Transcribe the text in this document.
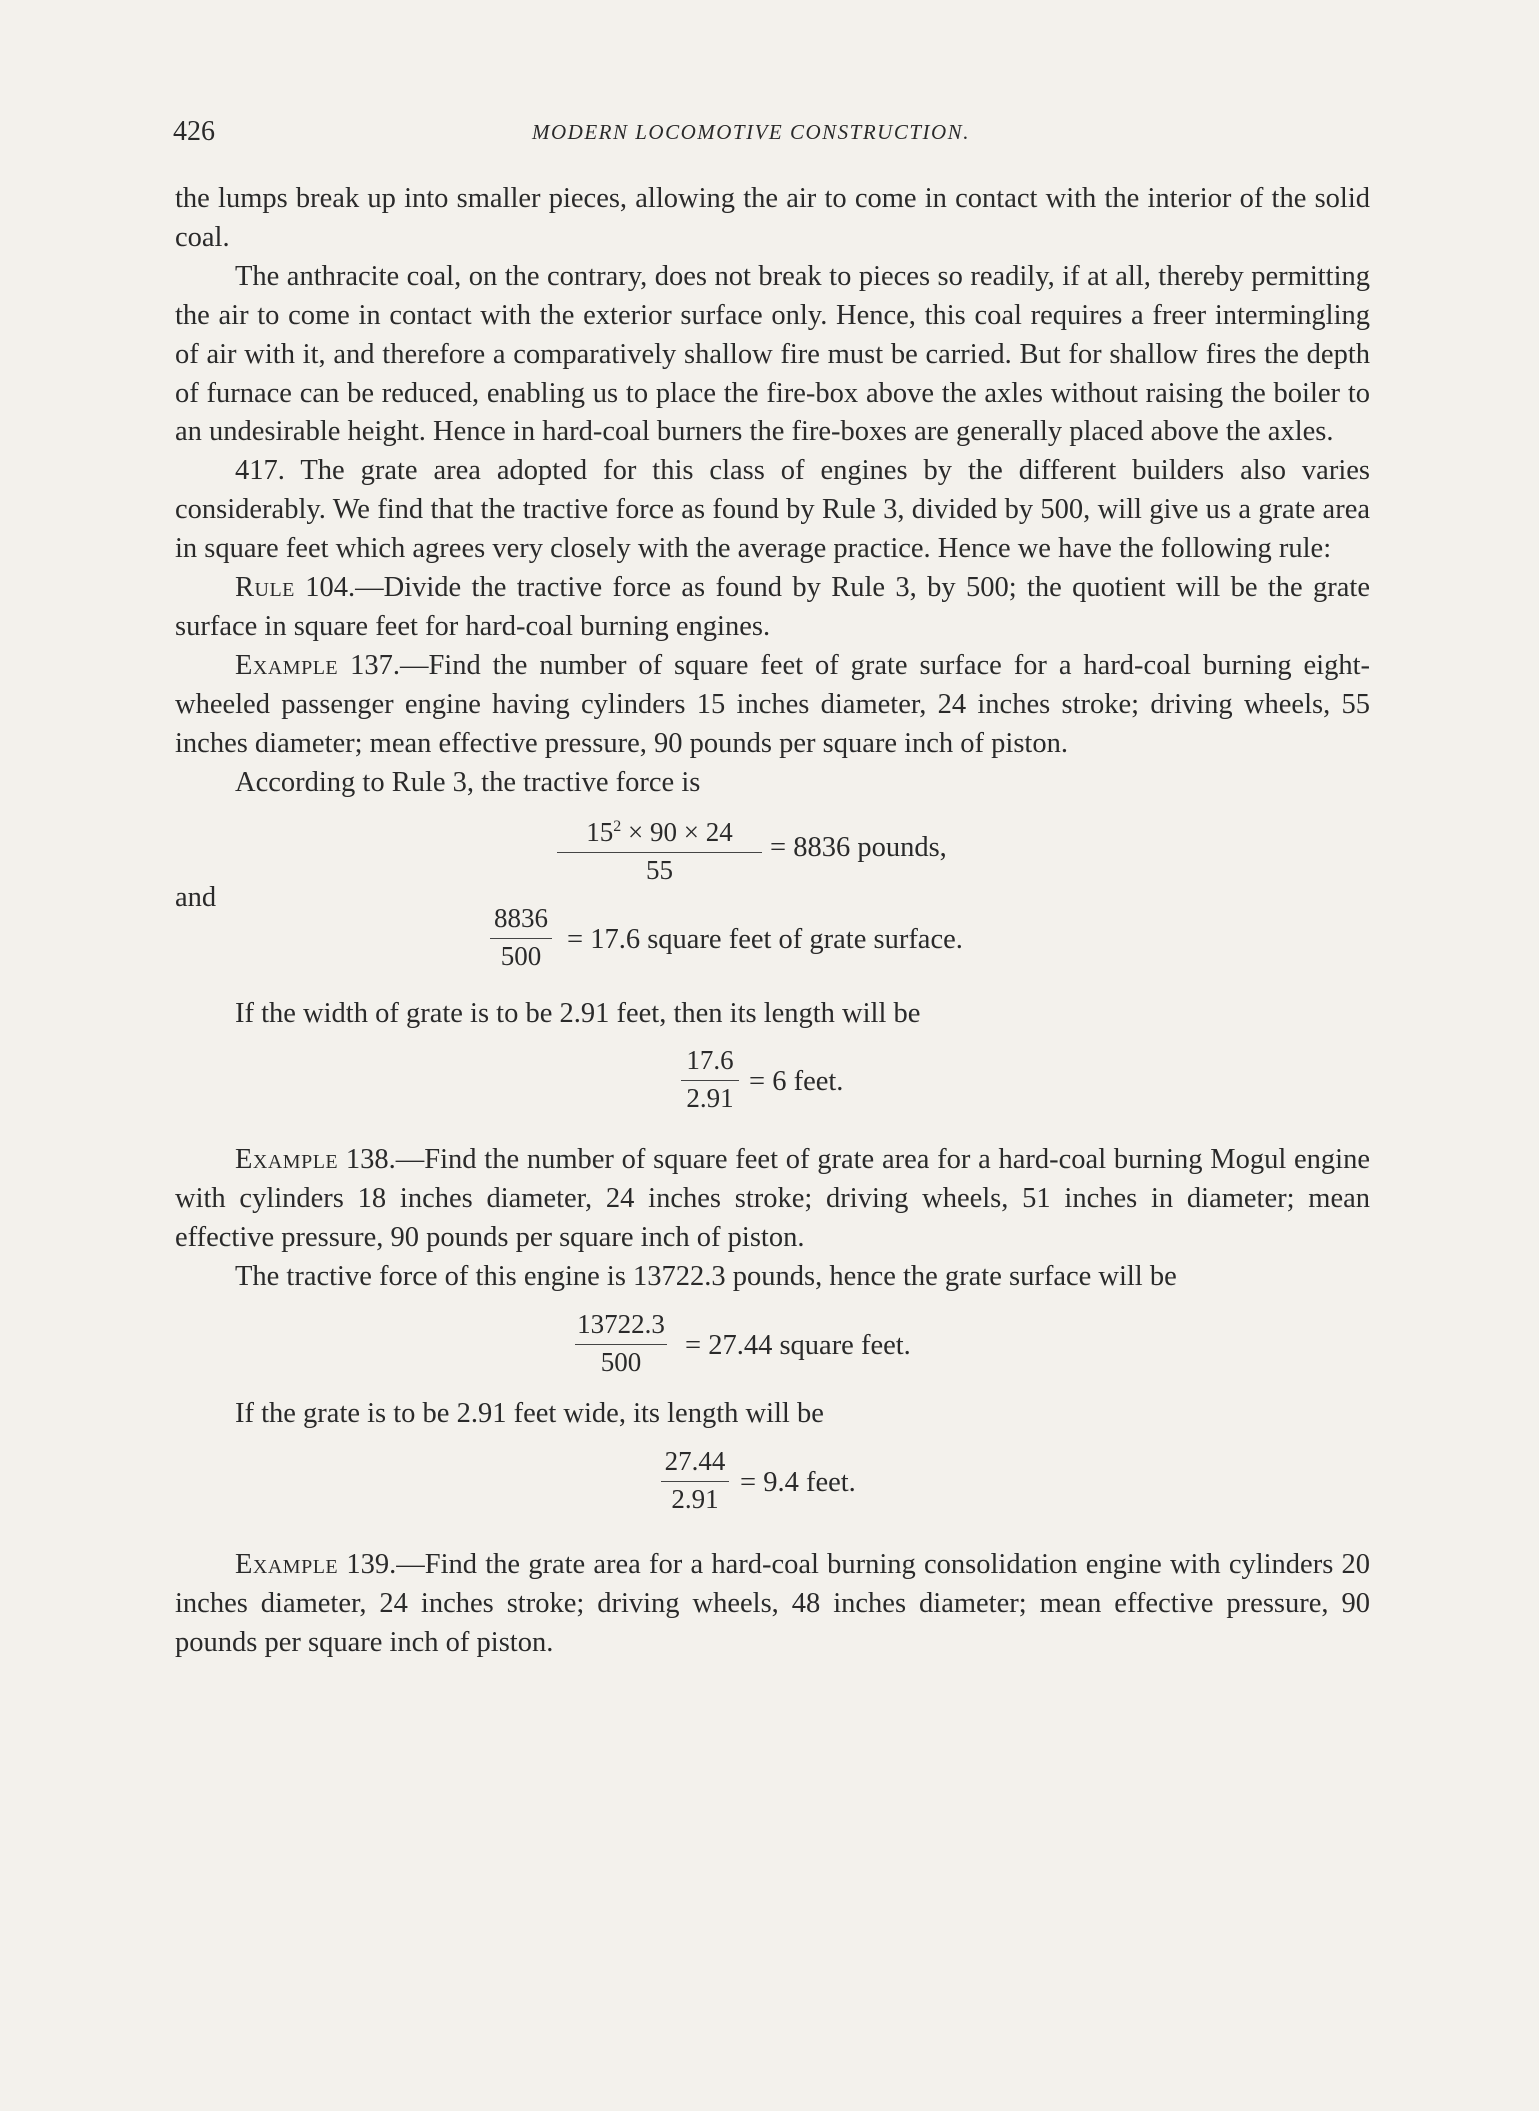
426	MODERN LOCOMOTIVE CONSTRUCTION.

the lumps break up into smaller pieces, allowing the air to come in contact with the interior of the solid coal.

The anthracite coal, on the contrary, does not break to pieces so readily, if at all, thereby permitting the air to come in contact with the exterior surface only. Hence, this coal requires a freer intermingling of air with it, and therefore a comparatively shallow fire must be carried. But for shallow fires the depth of furnace can be reduced, enabling us to place the fire-box above the axles without raising the boiler to an undesirable height. Hence in hard-coal burners the fire-boxes are generally placed above the axles.

417. The grate area adopted for this class of engines by the different builders also varies considerably. We find that the tractive force as found by Rule 3, divided by 500, will give us a grate area in square feet which agrees very closely with the average practice. Hence we have the following rule:

Rule 104.—Divide the tractive force as found by Rule 3, by 500; the quotient will be the grate surface in square feet for hard-coal burning engines.

Example 137.—Find the number of square feet of grate surface for a hard-coal burning eight-wheeled passenger engine having cylinders 15 inches diameter, 24 inches stroke; driving wheels, 55 inches diameter; mean effective pressure, 90 pounds per square inch of piston.

According to Rule 3, the tractive force is

$15^2 \times 90 \times 24$
55
= 8836 pounds,
and
8836
500
= 17.6 square feet of grate surface.

If the width of grate is to be 2.91 feet, then its length will be

17.6
2.91
= 6 feet.

Example 138.—Find the number of square feet of grate area for a hard-coal burning Mogul engine with cylinders 18 inches diameter, 24 inches stroke; driving wheels, 51 inches in diameter; mean effective pressure, 90 pounds per square inch of piston.

The tractive force of this engine is 13722.3 pounds, hence the grate surface will be

13722.3
500
= 27.44 square feet.

If the grate is to be 2.91 feet wide, its length will be

27.44
2.91
= 9.4 feet.

Example 139.—Find the grate area for a hard-coal burning consolidation engine with cylinders 20 inches diameter, 24 inches stroke; driving wheels, 48 inches diameter; mean effective pressure, 90 pounds per square inch of piston.
